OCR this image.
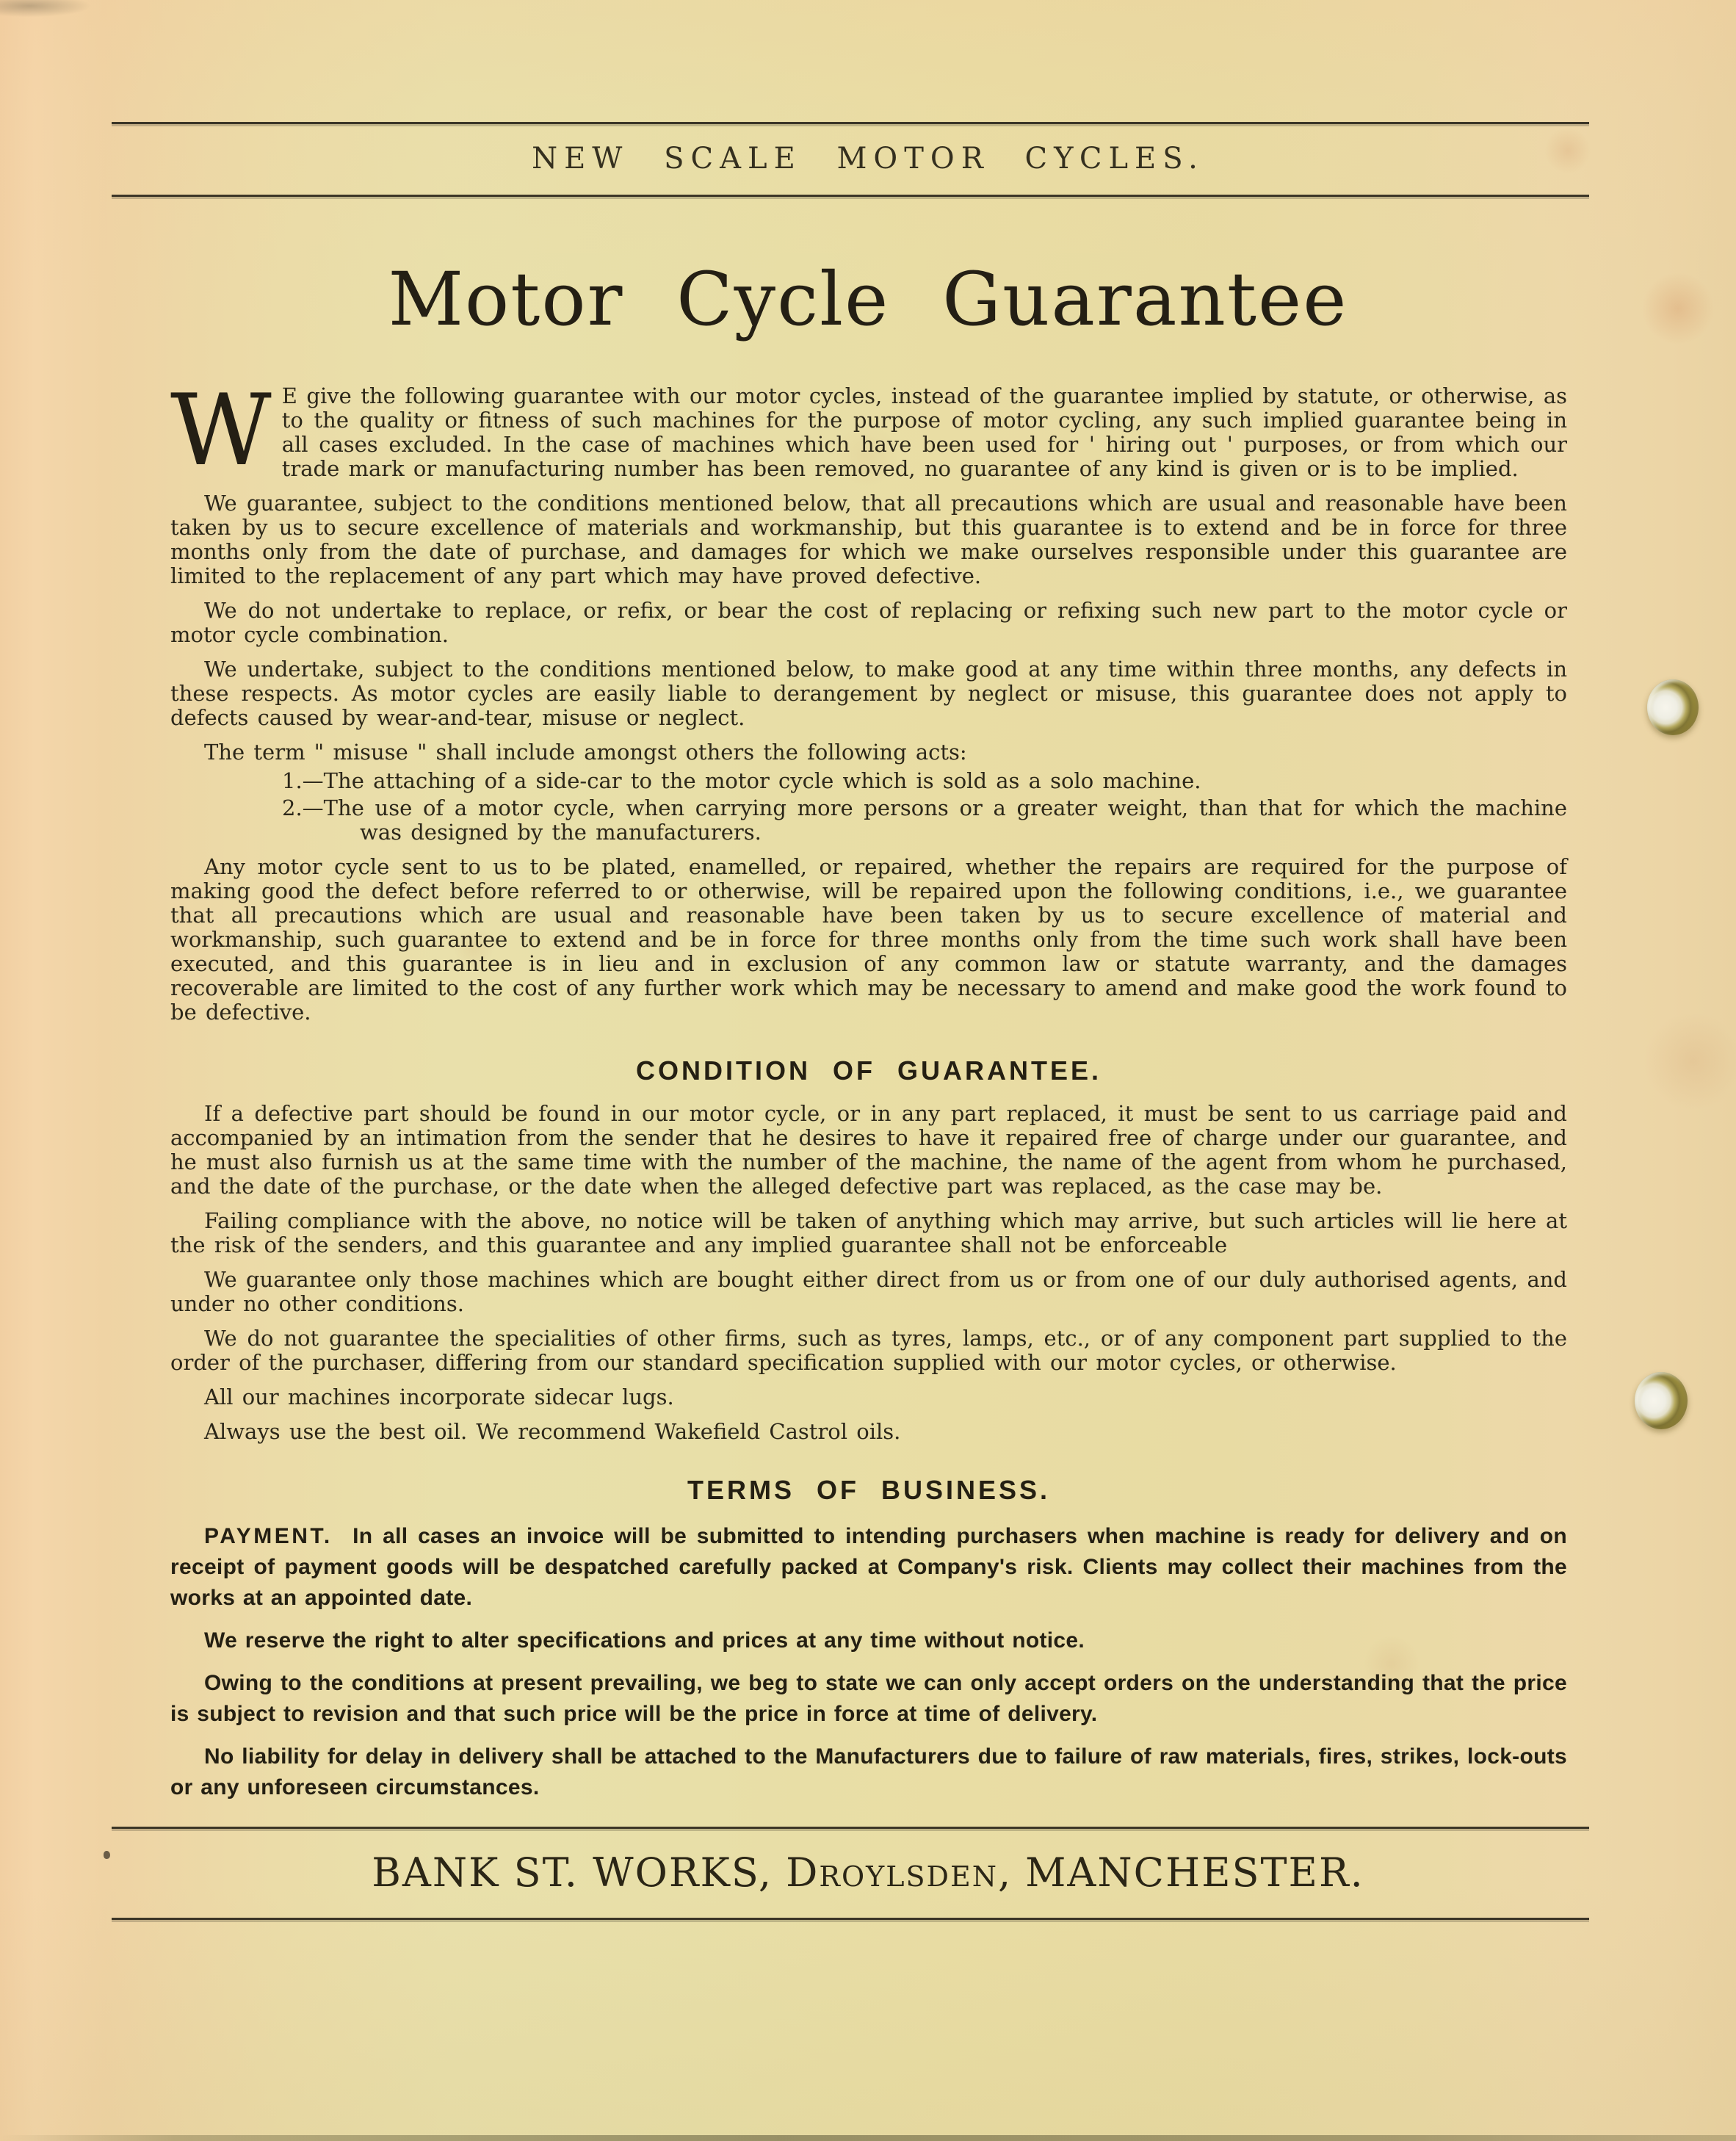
NEW SCALE MOTOR CYCLES.
Motor Cycle Guarantee

W E give the following guarantee with our motor cycles, instead of the guarantee implied by statute, or otherwise, as to the quality or fitness of such machines for the purpose of motor cycling, any such implied guarantee being in all cases excluded. In the case of machines which have been used for ' hiring out ' purposes, or from which our trade mark or manufacturing number has been removed, no guarantee of any kind is given or is to be implied.

We guarantee, subject to the conditions mentioned below, that all precautions which are usual and reasonable have been taken by us to secure excellence of materials and workmanship, but this guarantee is to extend and be in force for three months only from the date of purchase, and damages for which we make ourselves responsible under this guarantee are limited to the replacement of any part which may have proved defective.

We do not undertake to replace, or refix, or bear the cost of replacing or refixing such new part to the motor cycle or motor cycle combination.

We undertake, subject to the conditions mentioned below, to make good at any time within three months, any defects in these respects. As motor cycles are easily liable to derangement by neglect or misuse, this guarantee does not apply to defects caused by wear-and-tear, misuse or neglect.

The term " misuse " shall include amongst others the following acts:

1.—The attaching of a side-car to the motor cycle which is sold as a solo machine.

2.—The use of a motor cycle, when carrying more persons or a greater weight, than that for which the machine was designed by the manufacturers.

Any motor cycle sent to us to be plated, enamelled, or repaired, whether the repairs are required for the purpose of making good the defect before referred to or otherwise, will be repaired upon the following conditions, i.e., we guarantee that all precautions which are usual and reasonable have been taken by us to secure excellence of material and workmanship, such guarantee to extend and be in force for three months only from the time such work shall have been executed, and this guarantee is in lieu and in exclusion of any common law or statute warranty, and the damages recoverable are limited to the cost of any further work which may be necessary to amend and make good the work found to be defective.

CONDITION OF GUARANTEE.

If a defective part should be found in our motor cycle, or in any part replaced, it must be sent to us carriage paid and accompanied by an intimation from the sender that he desires to have it repaired free of charge under our guarantee, and he must also furnish us at the same time with the number of the machine, the name of the agent from whom he purchased, and the date of the purchase, or the date when the alleged defective part was replaced, as the case may be.

Failing compliance with the above, no notice will be taken of anything which may arrive, but such articles will lie here at the risk of the senders, and this guarantee and any implied guarantee shall not be enforceable

We guarantee only those machines which are bought either direct from us or from one of our duly authorised agents, and under no other conditions.

We do not guarantee the specialities of other firms, such as tyres, lamps, etc., or of any component part supplied to the order of the purchaser, differing from our standard specification supplied with our motor cycles, or otherwise.

All our machines incorporate sidecar lugs.

Always use the best oil. We recommend Wakefield Castrol oils.

TERMS OF BUSINESS.

PAYMENT. In all cases an invoice will be submitted to intending purchasers when machine is ready for delivery and on receipt of payment goods will be despatched carefully packed at Company's risk. Clients may collect their machines from the works at an appointed date.

We reserve the right to alter specifications and prices at any time without notice.

Owing to the conditions at present prevailing, we beg to state we can only accept orders on the understanding that the price is subject to revision and that such price will be the price in force at time of delivery.

No liability for delay in delivery shall be attached to the Manufacturers due to failure of raw materials, fires, strikes, lock-outs or any unforeseen circumstances.

BANK ST. WORKS, Droylsden, MANCHESTER.
